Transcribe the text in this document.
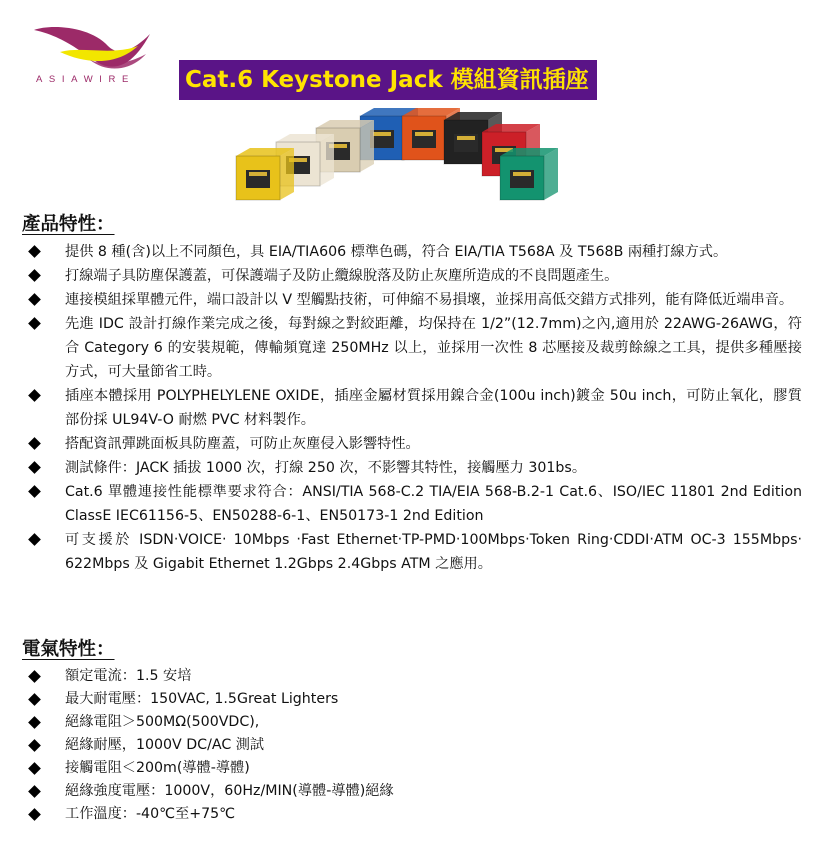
ASIAWIRE Cat.6 Keystone Jack 模組資訊插座
產品特性：
提供 8 種(含)以上不同顏色，具 EIA/TIA606 標準色碼，符合 EIA/TIA T568A 及 T568B 兩種打線方式。
打線端子具防塵保護蓋，可保護端子及防止纜線脫落及防止灰塵所造成的不良問題產生。
連接模組採單體元件，端口設計以 V 型觸點技術，可伸縮不易損壞，並採用高低交錯方式排列，能有降低近端串音。
先進 IDC 設計打線作業完成之後，每對線之對絞距離，均保持在 1/2”(12.7mm)之內,適用於 22AWG-26AWG，符合 Category 6 的安裝規範，傳輸頻寬達 250MHz 以上，並採用一次性 8 芯壓接及裁剪餘線之工具，提供多種壓接方式，可大量節省工時。
插座本體採用 POLYPHELYLENE OXIDE，插座金屬材質採用鎳合金(100u inch)鍍金 50u inch，可防止氧化，膠質部份採 UL94V-O 耐燃 PVC 材料製作。
搭配資訊彈跳面板具防塵蓋，可防止灰塵侵入影響特性。
測試條件：JACK 插拔 1000 次，打線 250 次，不影響其特性，接觸壓力 301bs。
Cat.6 單體連接性能標準要求符合：ANSI/TIA 568-C.2 TIA/EIA 568-B.2-1 Cat.6、ISO/IEC 11801 2nd Edition ClassE IEC61156-5、EN50288-6-1、EN50173-1 2nd Edition
可支援於 ISDN‧VOICE‧ 10Mbps ‧Fast Ethernet‧TP-PMD‧100Mbps‧Token Ring‧CDDI‧ATM OC-3 155Mbps‧622Mbps 及 Gigabit Ethernet 1.2Gbps 2.4Gbps ATM 之應用。
電氣特性：
額定電流：1.5 安培
最大耐電壓：150VAC, 1.5Great Lighters
絕緣電阻＞500MΩ(500VDC),
絕緣耐壓，1000V DC/AC 測試
接觸電阻＜200m(導體-導體)
絕緣強度電壓：1000V，60Hz/MIN(導體-導體)絕緣
工作溫度：-40℃至+75℃
